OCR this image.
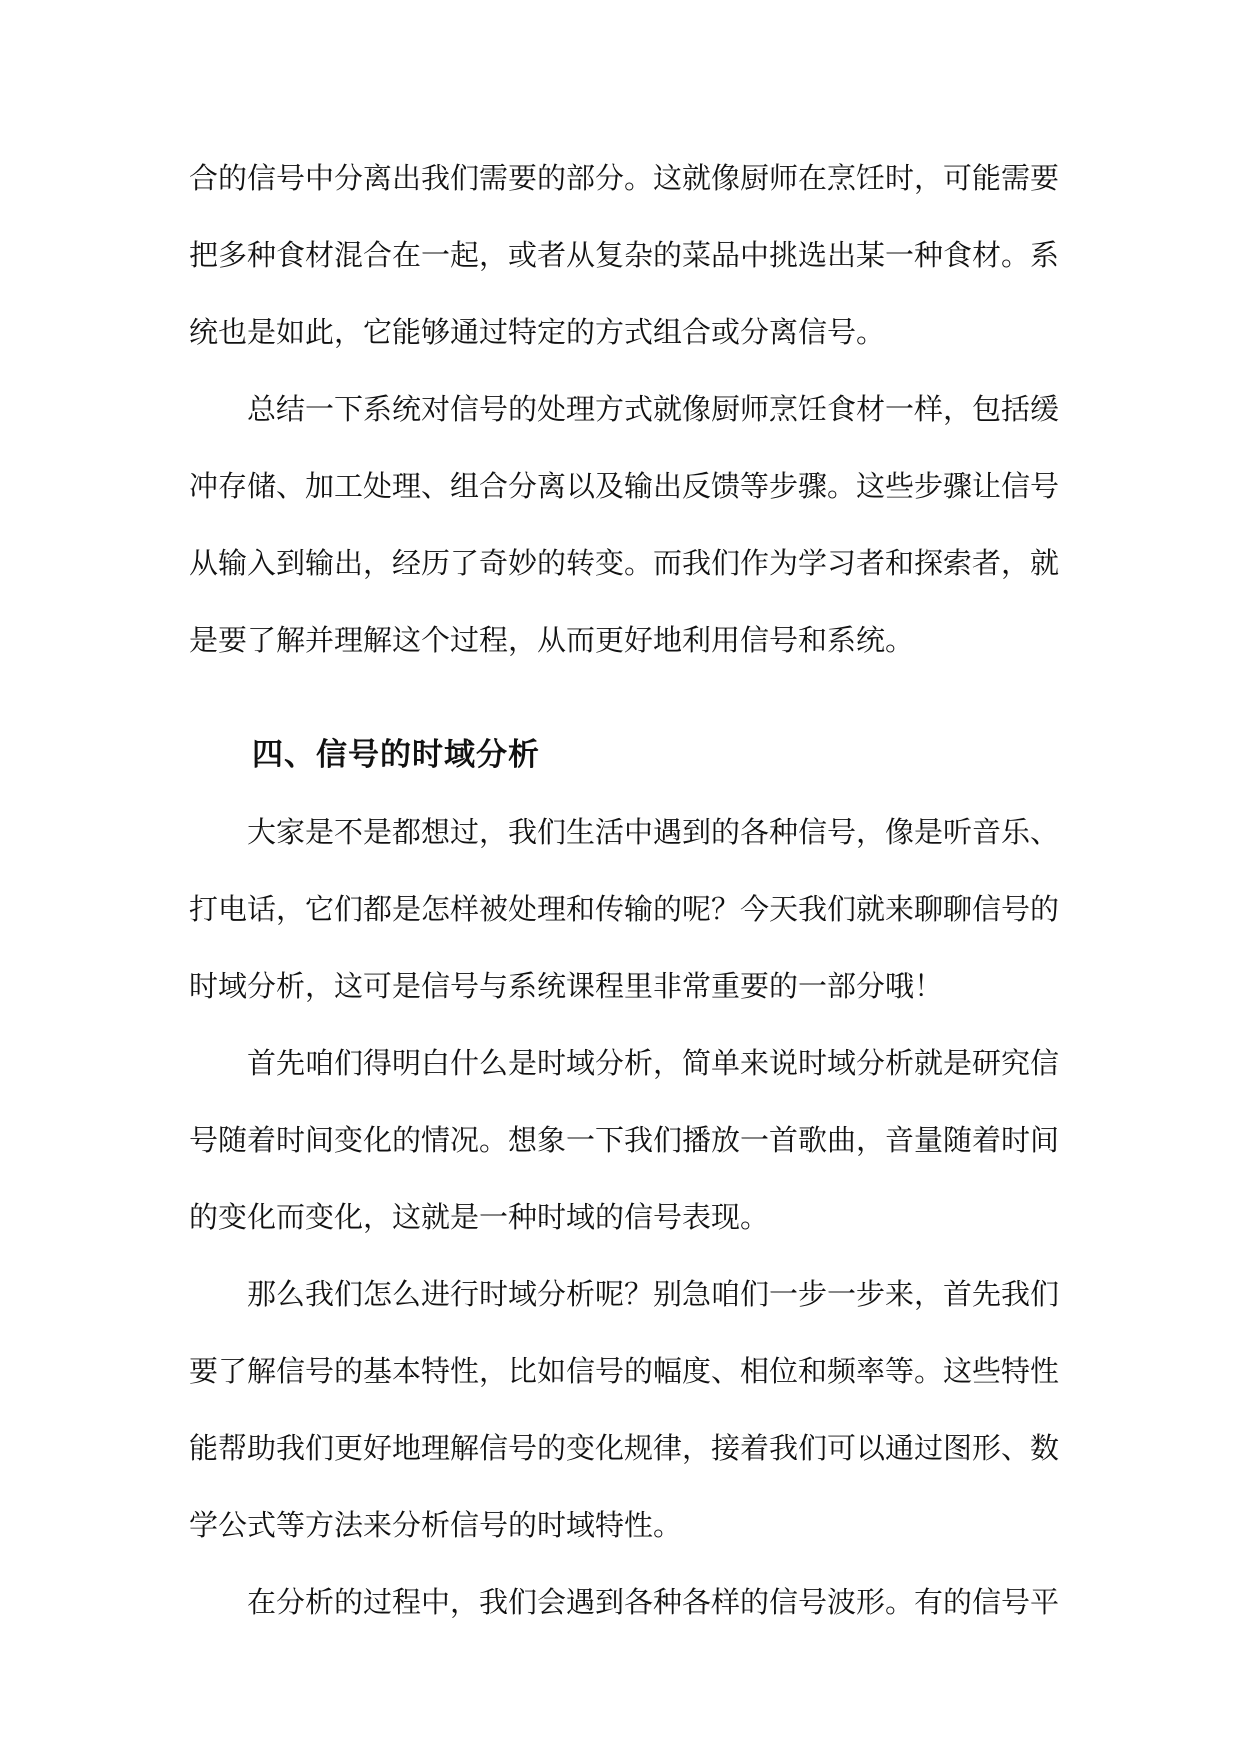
合的信号中分离出我们需要的部分。这就像厨师在烹饪时，可能需要把多种食材混合在一起，或者从复杂的菜品中挑选出某一种食材。系统也是如此，它能够通过特定的方式组合或分离信号。

总结一下系统对信号的处理方式就像厨师烹饪食材一样，包括缓冲存储、加工处理、组合分离以及输出反馈等步骤。这些步骤让信号从输入到输出，经历了奇妙的转变。而我们作为学习者和探索者，就是要了解并理解这个过程，从而更好地利用信号和系统。

四、信号的时域分析

大家是不是都想过，我们生活中遇到的各种信号，像是听音乐、打电话，它们都是怎样被处理和传输的呢？今天我们就来聊聊信号的时域分析，这可是信号与系统课程里非常重要的一部分哦！

首先咱们得明白什么是时域分析，简单来说时域分析就是研究信号随着时间变化的情况。想象一下我们播放一首歌曲，音量随着时间的变化而变化，这就是一种时域的信号表现。

那么我们怎么进行时域分析呢？别急咱们一步一步来，首先我们要了解信号的基本特性，比如信号的幅度、相位和频率等。这些特性能帮助我们更好地理解信号的变化规律，接着我们可以通过图形、数学公式等方法来分析信号的时域特性。

在分析的过程中，我们会遇到各种各样的信号波形。有的信号平
